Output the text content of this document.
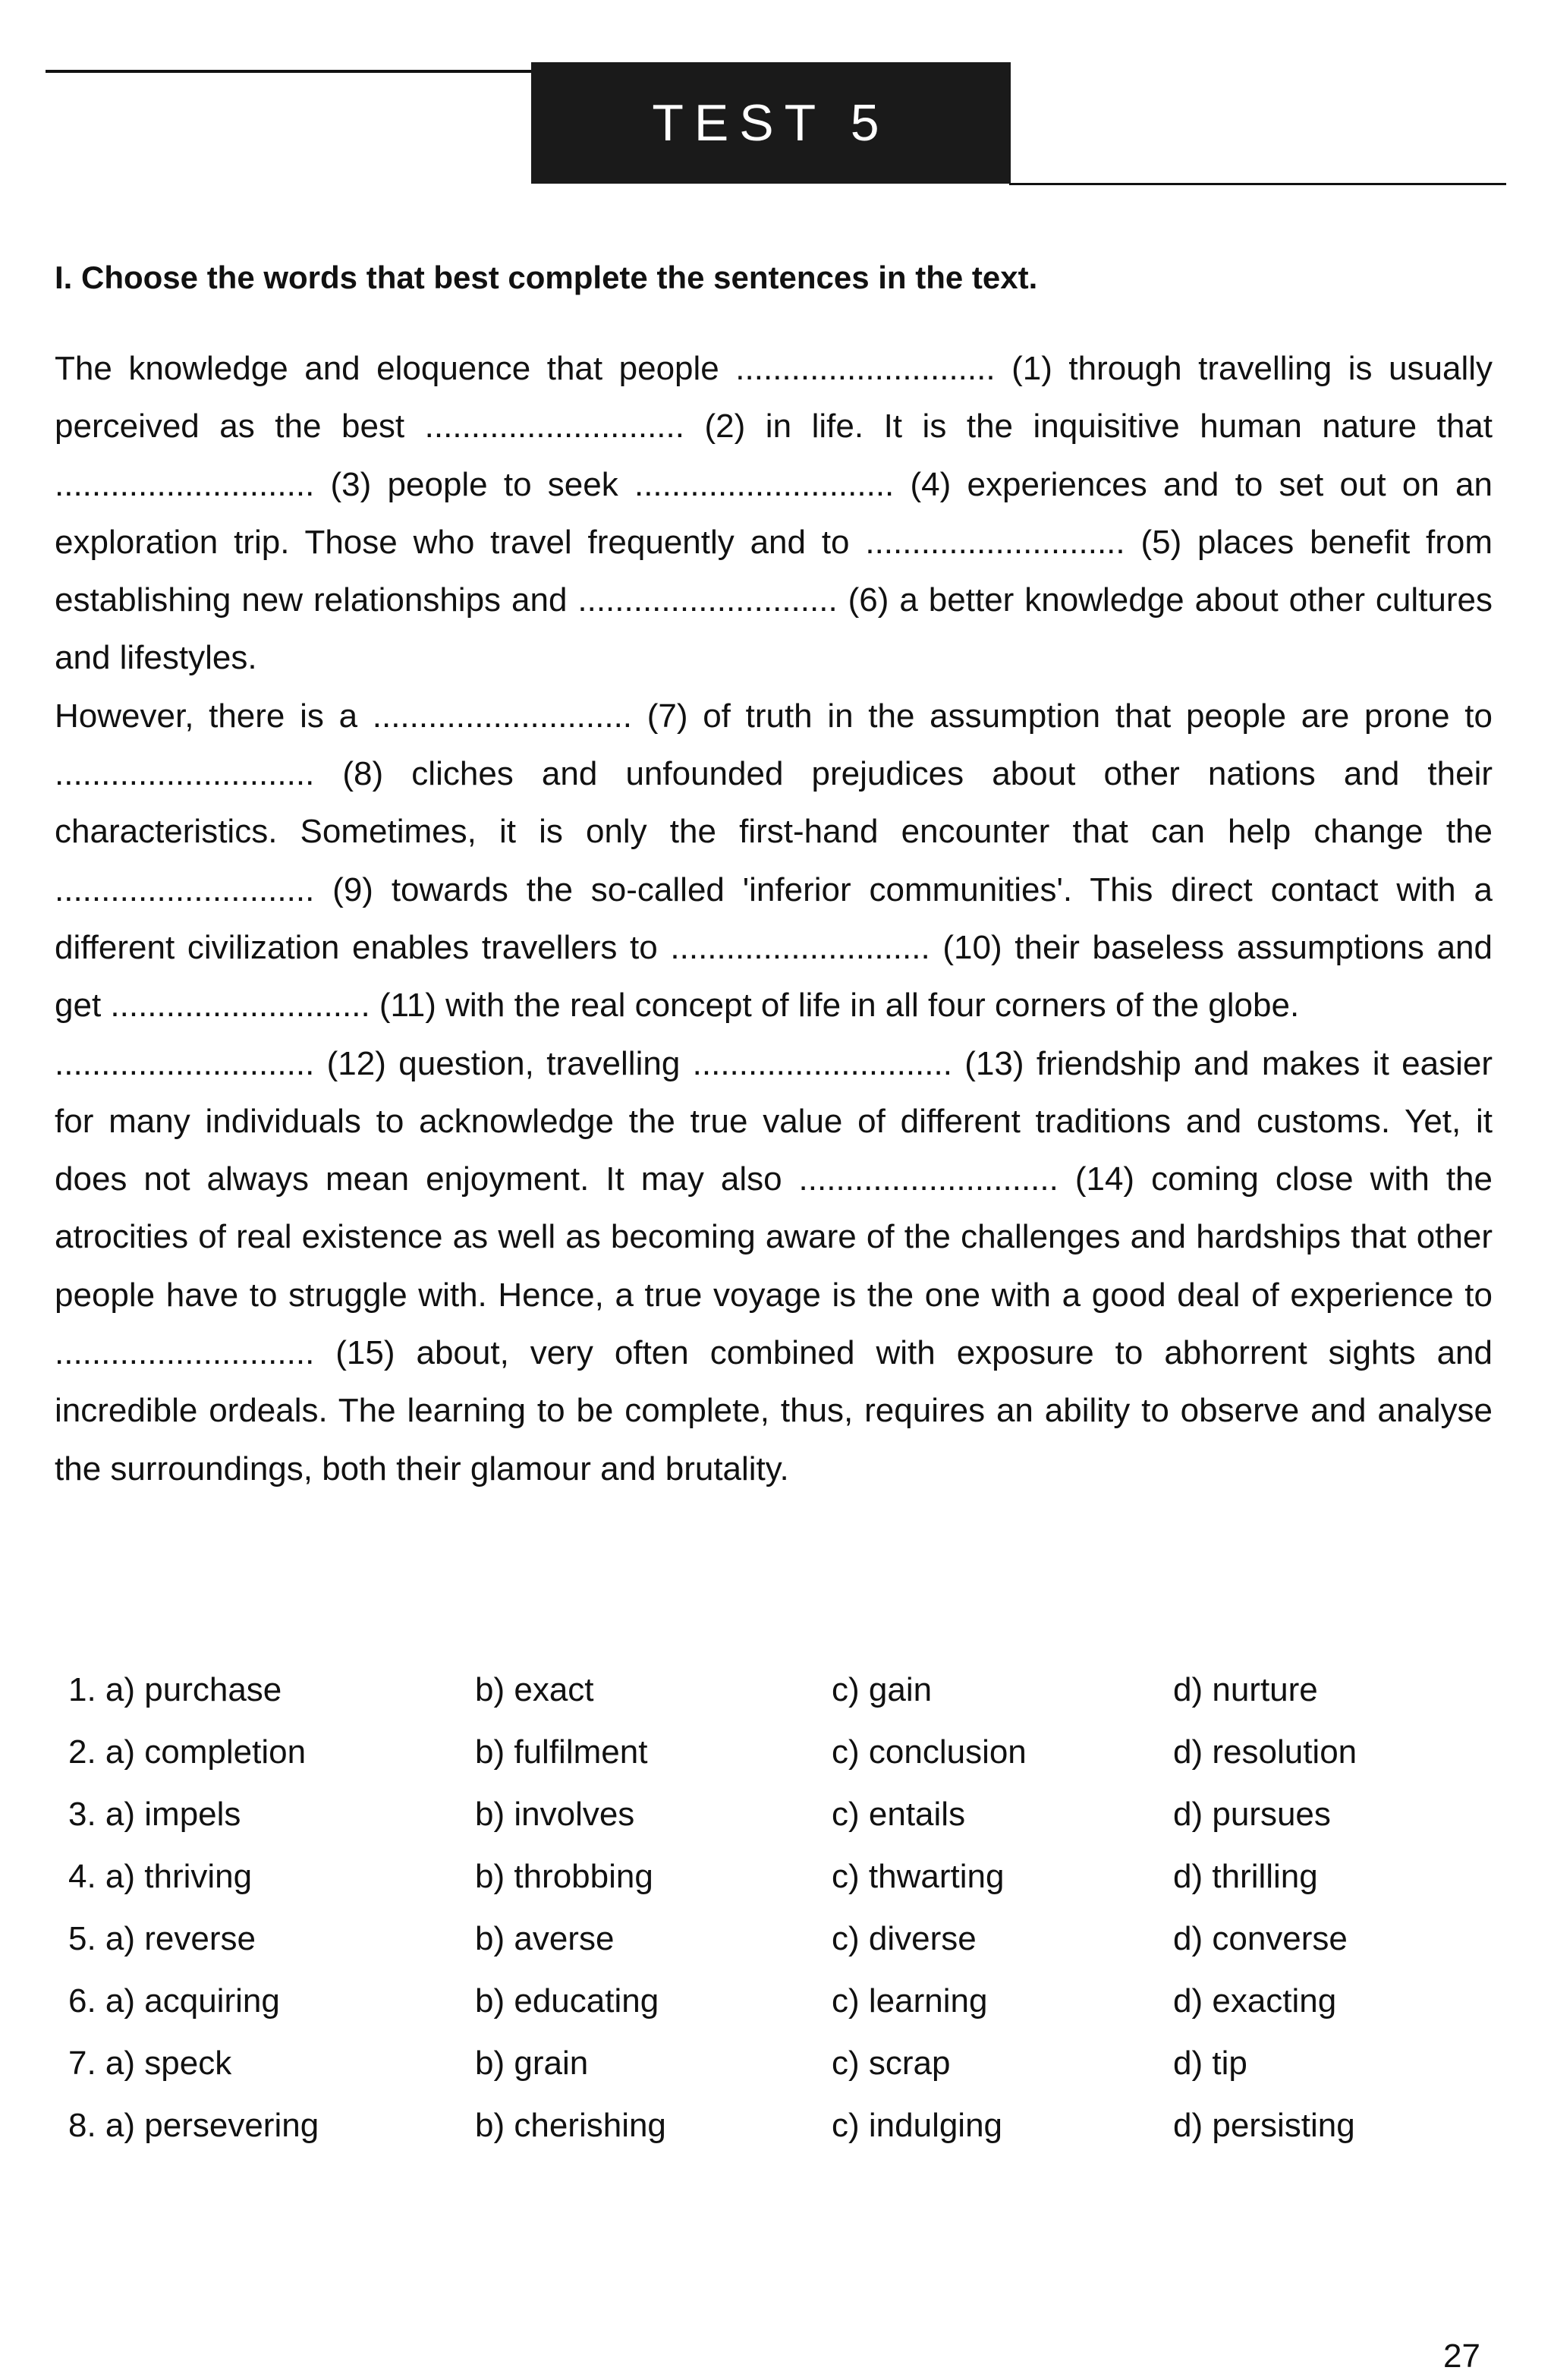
TEST 5
I. Choose the words that best complete the sentences in the text.

The knowledge and eloquence that people ............................ (1) through travelling is usually perceived as the best ............................ (2) in life. It is the inquisitive human nature that ............................ (3) people to seek ............................ (4) experiences and to set out on an exploration trip. Those who travel frequently and to ............................ (5) places benefit from establishing new relationships and ............................ (6) a better knowledge about other cultures and lifestyles.

However, there is a ............................ (7) of truth in the assumption that people are prone to ............................ (8) cliches and unfounded prejudices about other nations and their characteristics. Sometimes, it is only the first-hand encounter that can help change the ............................ (9) towards the so-called 'inferior communities'. This direct contact with a different civilization enables travellers to ............................ (10) their baseless assumptions and get ............................ (11) with the real concept of life in all four corners of the globe.

............................ (12) question, travelling ............................ (13) friendship and makes it easier for many individuals to acknowledge the true value of different traditions and customs. Yet, it does not always mean enjoyment. It may also ............................ (14) coming close with the atrocities of real existence as well as becoming aware of the challenges and hardships that other people have to struggle with. Hence, a true voyage is the one with a good deal of experience to ............................ (15) about, very often combined with exposure to abhorrent sights and incredible ordeals. The learning to be complete, thus, requires an ability to observe and analyse the surroundings, both their glamour and brutality.

1. a) purchase	b) exact	c) gain	d) nurture
2. a) completion	b) fulfilment	c) conclusion	d) resolution
3. a) impels	b) involves	c) entails	d) pursues
4. a) thriving	b) throbbing	c) thwarting	d) thrilling
5. a) reverse	b) averse	c) diverse	d) converse
6. a) acquiring	b) educating	c) learning	d) exacting
7. a) speck	b) grain	c) scrap	d) tip
8. a) persevering	b) cherishing	c) indulging	d) persisting
27
